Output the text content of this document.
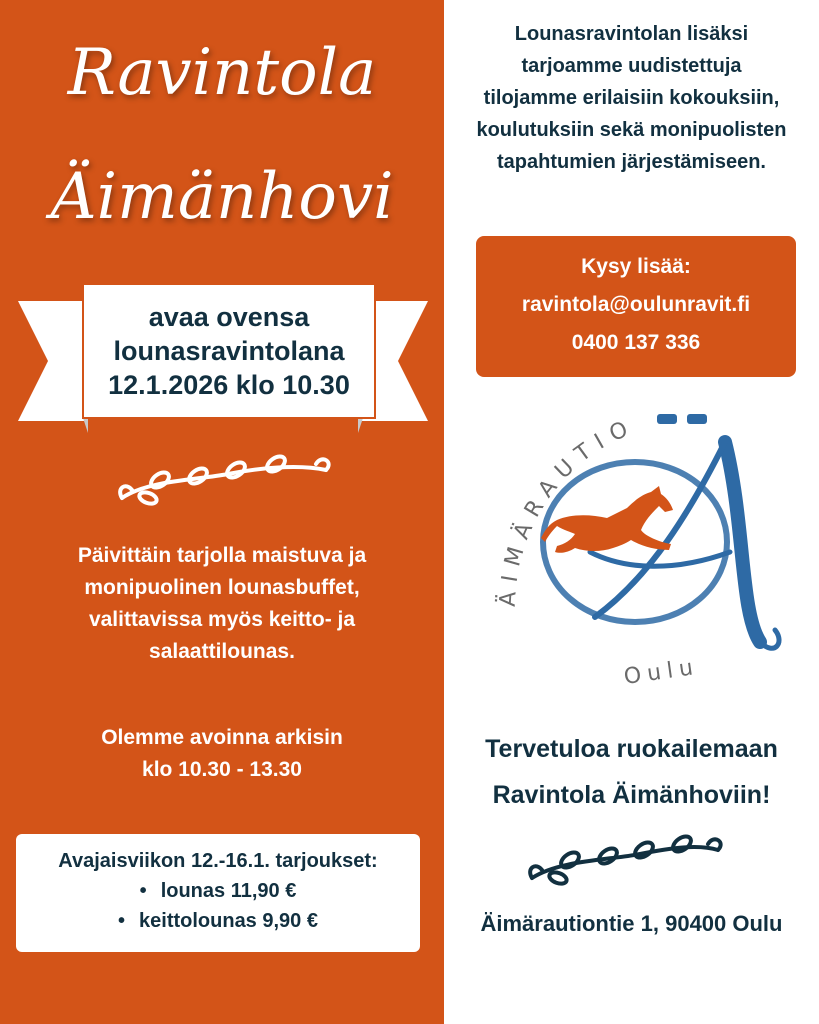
Ravintola
Äimänhovi
avaa ovensa
lounasravintolana
12.1.2026 klo 10.30
Päivittäin tarjolla maistuva ja
monipuolinen lounasbuffet,
valittavissa myös keitto- ja
salaattilounas.
Olemme avoinna arkisin
klo 10.30 - 13.30
Avajaisviikon 12.-16.1. tarjoukset:
• lounas 11,90 €
• keittolounas 9,90 €
Lounasravintolan lisäksi
tarjoamme uudistettuja
tilojamme erilaisiin kokouksiin,
koulutuksiin sekä monipuolisten
tapahtumien järjestämiseen.
Kysy lisää:
ravintola@oulunravit.fi
0400 137 336
ÄIMÄRAUTIO
Oulu
Tervetuloa ruokailemaan
Ravintola Äimänhoviin!
Äimärautiontie 1, 90400 Oulu
